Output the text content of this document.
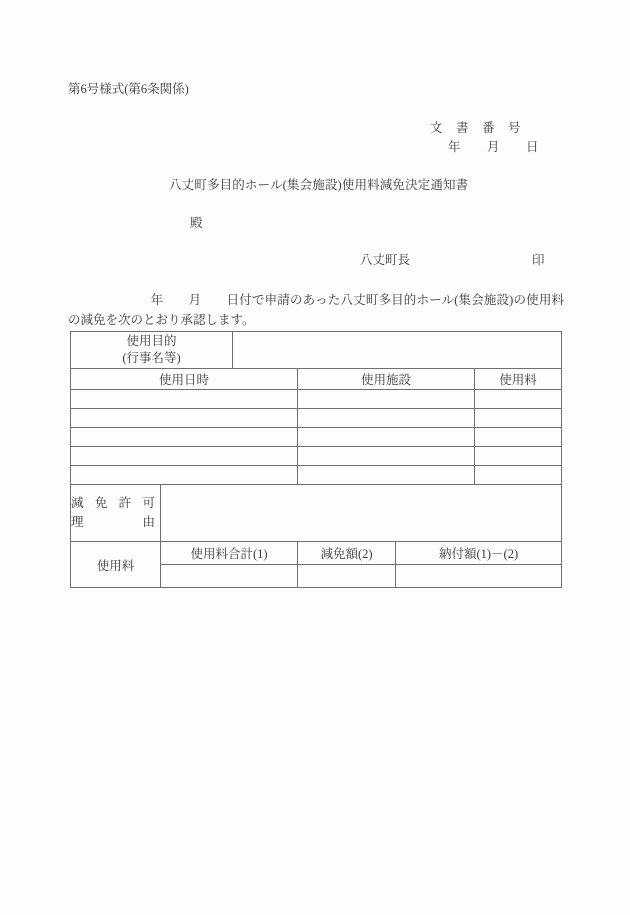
第6号様式(第6条関係)
文　書　番　号
年　　月　　日
八丈町多目的ホール(集会施設)使用料減免決定通知書
殿
八丈町長	印
　年　　月　　日付で申請のあった八丈町多目的ホール(集会施設)の使用料の減免を次のとおり承認します。
使用目的
(行事名等)					

使用日時			使用施設		使用料

減 免 許 可
理	由

使用料	使用料合計(1)		減免額(2)	納付額(1)－(2)	
